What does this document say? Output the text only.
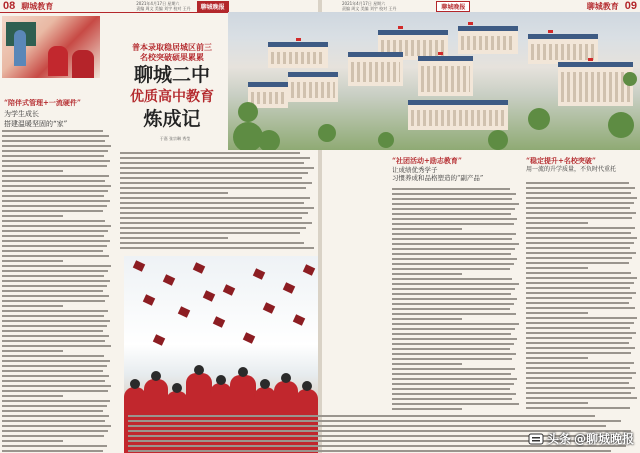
08 聊城教育	2021年4月17日 星期六
责编 周文 美编 刘宇 校对 王丹	聊城晚报
“陪伴式管理+一流硬件”
为学生成长
搭建温暖坚固的“家”
普本录取稳居城区前三
名校突破硕果累累
聊城二中
优质高中教育
炼成记
于嘉 张宗琳 秀莹
2021年4月17日 星期六
责编 周文 美编 刘宇 校对 王丹	聊城晚报	聊城教育 09
“社团活动+励志教育”
让成绩优秀学子
习惯养成和品格塑造的“副产品”
“稳定提升+名校突破”
用一流的升学质量，不负时代重托
头条 @聊城晚报
